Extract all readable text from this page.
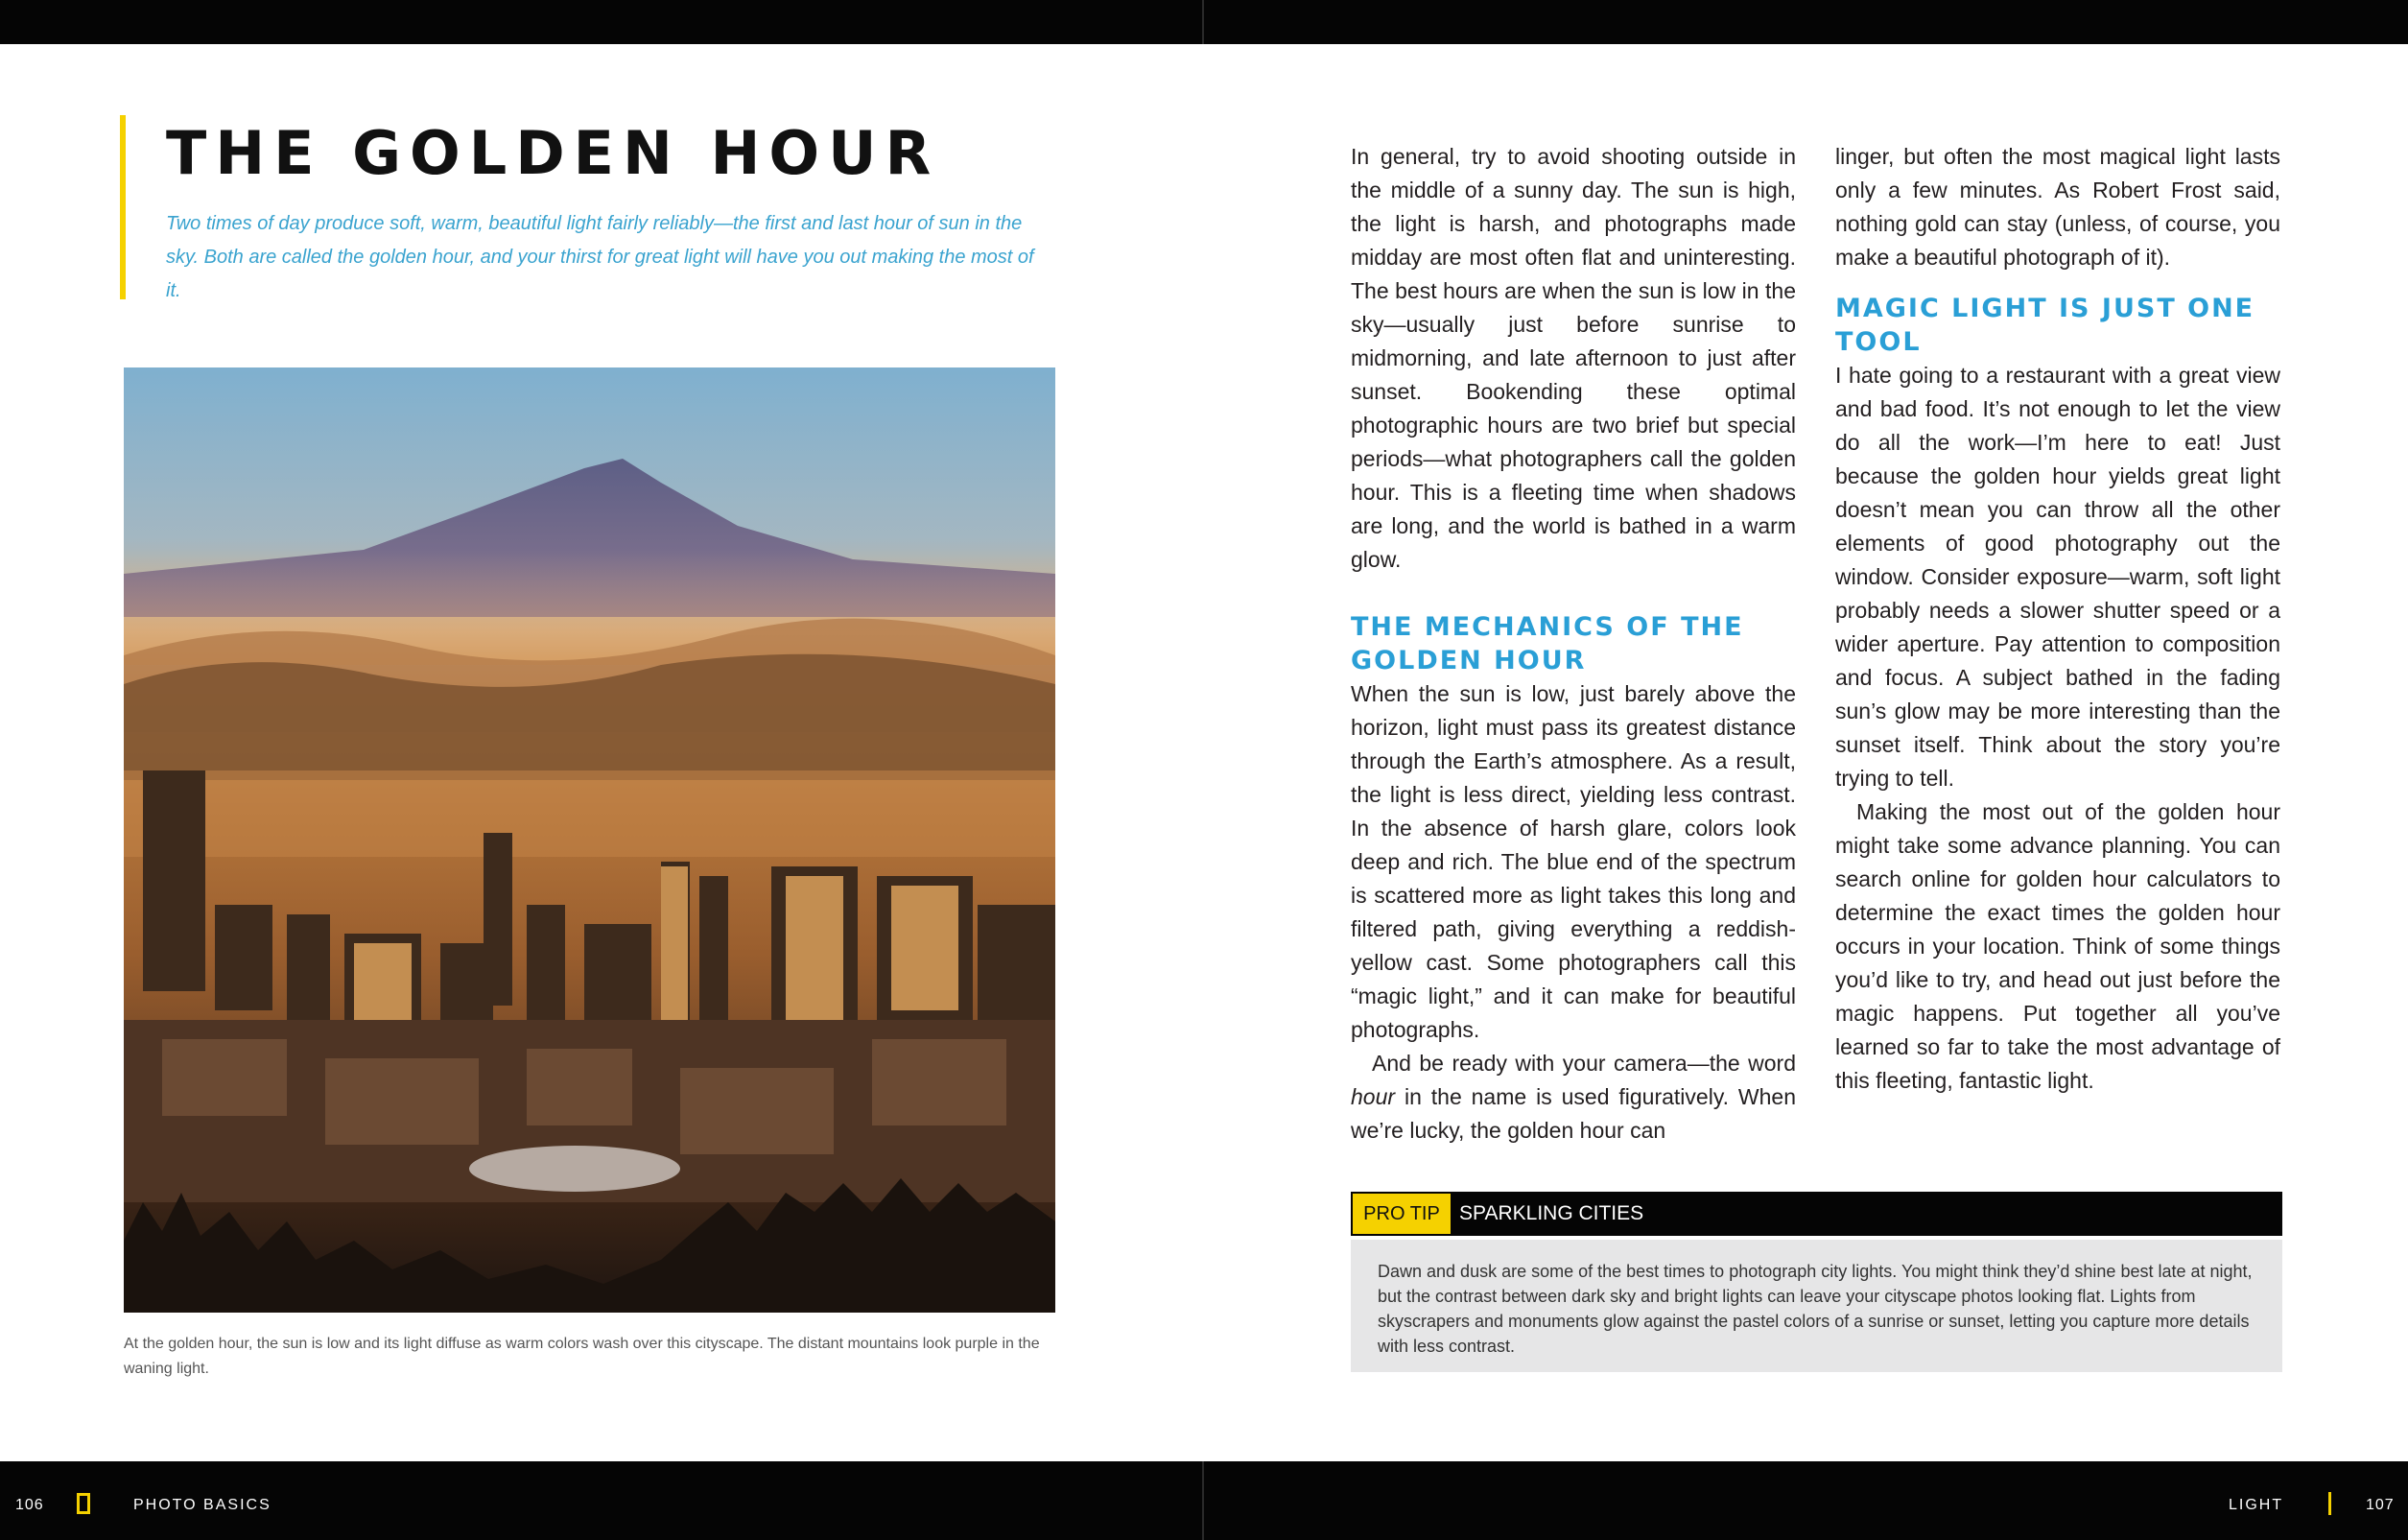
THE GOLDEN HOUR

Two times of day produce soft, warm, beautiful light fairly reliably—the first and last hour of sun in the sky. Both are called the golden hour, and your thirst for great light will have you out making the most of it.

At the golden hour, the sun is low and its light diffuse as warm colors wash over this cityscape. The distant mountains look purple in the waning light.

In general, try to avoid shooting outside in the middle of a sunny day. The sun is high, the light is harsh, and photographs made midday are most often flat and uninteresting. The best hours are when the sun is low in the sky—usually just before sunrise to midmorning, and late afternoon to just after sunset. Bookending these optimal photographic hours are two brief but special periods—what photographers call the golden hour. This is a fleeting time when shadows are long, and the world is bathed in a warm glow.

THE MECHANICS OF THE GOLDEN HOUR

When the sun is low, just barely above the horizon, light must pass its greatest distance through the Earth’s atmosphere. As a result, the light is less direct, yielding less contrast. In the absence of harsh glare, colors look deep and rich. The blue end of the spectrum is scattered more as light takes this long and filtered path, giving everything a reddish-yellow cast. Some photographers call this “magic light,” and it can make for beautiful photographs.

And be ready with your camera—the word hour in the name is used figuratively. When we’re lucky, the golden hour can

linger, but often the most magical light lasts only a few minutes. As Robert Frost said, nothing gold can stay (unless, of course, you make a beautiful photograph of it).

MAGIC LIGHT IS JUST ONE TOOL

I hate going to a restaurant with a great view and bad food. It’s not enough to let the view do all the work—I’m here to eat! Just because the golden hour yields great light doesn’t mean you can throw all the other elements of good photography out the window. Consider exposure—warm, soft light probably needs a slower shutter speed or a wider aperture. Pay attention to composition and focus. A subject bathed in the fading sun’s glow may be more interesting than the sunset itself. Think about the story you’re trying to tell.

Making the most out of the golden hour might take some advance planning. You can search online for golden hour calculators to determine the exact times the golden hour occurs in your location. Think of some things you’d like to try, and head out just before the magic happens. Put together all you’ve learned so far to take the most advantage of this fleeting, fantastic light.

PRO TIP SPARKLING CITIES

Dawn and dusk are some of the best times to photograph city lights. You might think they’d shine best late at night, but the contrast between dark sky and bright lights can leave your cityscape photos looking flat. Lights from skyscrapers and monuments glow against the pastel colors of a sunrise or sunset, letting you capture more details with less contrast.

106	PHOTO BASICS	LIGHT	107
